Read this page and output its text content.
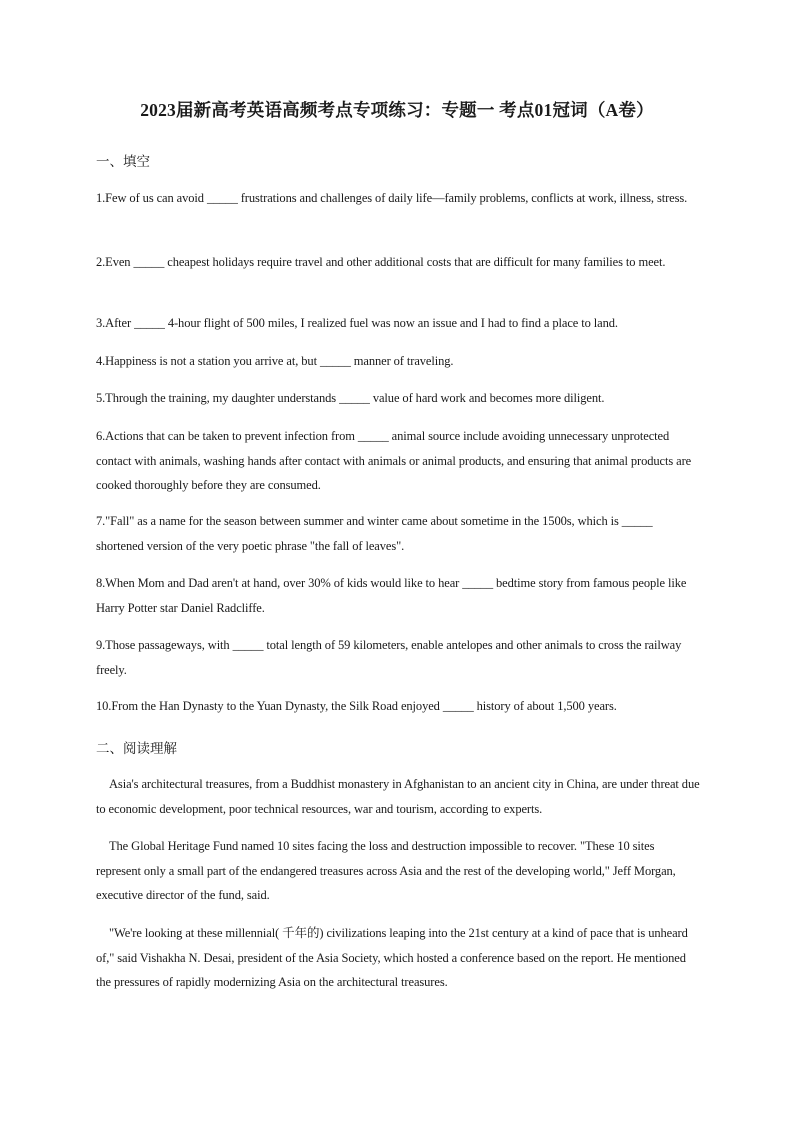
2023届新高考英语高频考点专项练习：专题一 考点01冠词（A卷）
一、填空
1.Few of us can avoid _____ frustrations and challenges of daily life—family problems, conflicts at work, illness, stress.
2.Even _____ cheapest holidays require travel and other additional costs that are difficult for many families to meet.
3.After _____ 4-hour flight of 500 miles, I realized fuel was now an issue and I had to find a place to land.
4.Happiness is not a station you arrive at, but _____ manner of traveling.
5.Through the training, my daughter understands _____ value of hard work and becomes more diligent.
6.Actions that can be taken to prevent infection from _____ animal source include avoiding unnecessary unprotected contact with animals, washing hands after contact with animals or animal products, and ensuring that animal products are cooked thoroughly before they are consumed.
7."Fall" as a name for the season between summer and winter came about sometime in the 1500s, which is _____ shortened version of the very poetic phrase "the fall of leaves".
8.When Mom and Dad aren't at hand, over 30% of kids would like to hear _____ bedtime story from famous people like Harry Potter star Daniel Radcliffe.
9.Those passageways, with _____ total length of 59 kilometers, enable antelopes and other animals to cross the railway freely.
10.From the Han Dynasty to the Yuan Dynasty, the Silk Road enjoyed _____ history of about 1,500 years.
二、阅读理解
Asia's architectural treasures, from a Buddhist monastery in Afghanistan to an ancient city in China, are under threat due to economic development, poor technical resources, war and tourism, according to experts.
The Global Heritage Fund named 10 sites facing the loss and destruction impossible to recover. "These 10 sites represent only a small part of the endangered treasures across Asia and the rest of the developing world," Jeff Morgan, executive director of the fund, said.
"We're looking at these millennial( 千年的) civilizations leaping into the 21st century at a kind of pace that is unheard of," said Vishakha N. Desai, president of the Asia Society, which hosted a conference based on the report. He mentioned the pressures of rapidly modernizing Asia on the architectural treasures.
